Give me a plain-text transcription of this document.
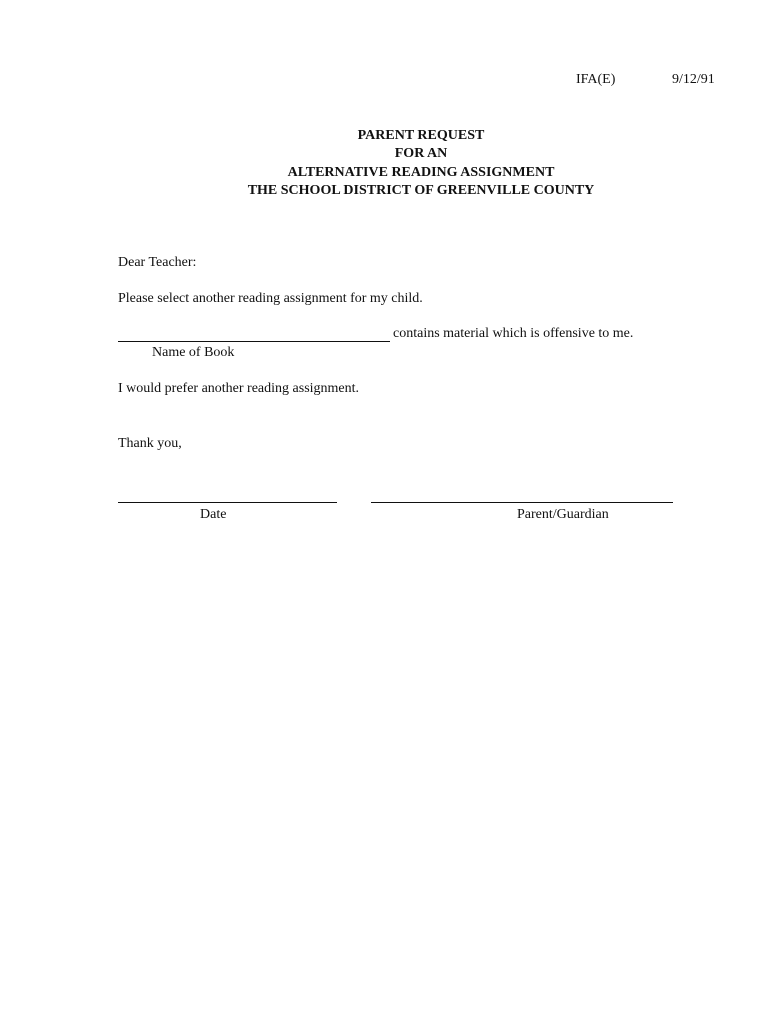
IFA(E)	9/12/91
PARENT REQUEST
FOR AN
ALTERNATIVE READING ASSIGNMENT
THE SCHOOL DISTRICT OF GREENVILLE COUNTY
Dear Teacher:
Please select another reading assignment for my child.
contains material which is offensive to me.
Name of Book
I would prefer another reading assignment.
Thank you,
Date	Parent/Guardian
